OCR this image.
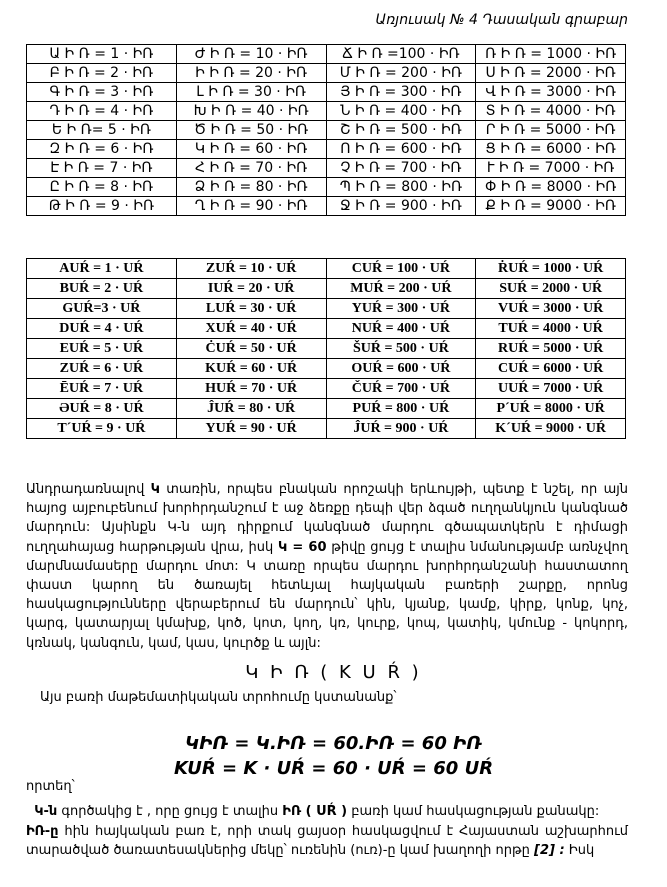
Առյուսակ № 4 Դասական գրաբար
Ա Ի Ռ = 1 · ԻՌ	Ժ Ի Ռ = 10 · ԻՌ	Ճ Ի Ռ =100 · ԻՌ	Ռ Ի Ռ = 1000 · ԻՌ
Բ Ի Ռ = 2 · ԻՌ	Ի Ի Ռ = 20 · ԻՌ	Մ Ի Ռ = 200 · ԻՌ	Ս Ի Ռ = 2000 · ԻՌ
Գ Ի Ռ = 3 · ԻՌ	Լ Ի Ռ = 30 · ԻՌ	Յ Ի Ռ = 300 · ԻՌ	Վ Ի Ռ = 3000 · ԻՌ
Դ Ի Ռ = 4 · ԻՌ	Խ Ի Ռ = 40 · ԻՌ	Ն Ի Ռ = 400 · ԻՌ	Տ Ի Ռ = 4000 · ԻՌ
Ե Ի Ռ= 5 · ԻՌ	Ծ Ի Ռ = 50 · ԻՌ	Շ Ի Ռ = 500 · ԻՌ	Ր Ի Ռ = 5000 · ԻՌ
Զ Ի Ռ = 6 · ԻՌ	Կ Ի Ռ = 60 · ԻՌ	Ո Ի Ռ = 600 · ԻՌ	Ց Ի Ռ = 6000 · ԻՌ
Է Ի Ռ = 7 · ԻՌ	Հ Ի Ռ = 70 · ԻՌ	Չ Ի Ռ = 700 · ԻՌ	Ւ Ի Ռ = 7000 · ԻՌ
Ը Ի Ռ = 8 · ԻՌ	Ձ Ի Ռ = 80 · ԻՌ	Պ Ի Ռ = 800 · ԻՌ	Փ Ի Ռ = 8000 · ԻՌ
Թ Ի Ռ = 9 · ԻՌ	Ղ Ի Ռ = 90 · ԻՌ	Ջ Ի Ռ = 900 · ԻՌ	Ք Ի Ռ = 9000 · ԻՌ
AUŔ = 1 · UŔ	ZUŔ = 10 · UŔ	CUŔ = 100 · UŔ	ṘUŔ = 1000 · UŔ
BUŔ = 2 · UŔ	IUŔ = 20 · UŔ	MUŔ = 200 · UŔ	SUŔ = 2000 · UŔ
GUŔ=3 · UŔ	LUŔ = 30 · UŔ	YUŔ = 300 · UŔ	VUŔ = 3000 · UŔ
DUŔ = 4 · UŔ	XUŔ = 40 · UŔ	NUŔ = 400 · UŔ	TUŔ = 4000 · UŔ
EUŔ = 5 · UŔ	ĊUŔ = 50 · UŔ	ŠUŔ = 500 · UŔ	RUŔ = 5000 · UŔ
ZUŔ = 6 · UŔ	KUŔ = 60 · UŔ	OUŔ = 600 · UŔ	CUŔ = 6000 · UŔ
ĒUŔ = 7 · UŔ	HUŔ = 70 · UŔ	ČUŔ = 700 · UŔ	UUŔ = 7000 · UŔ
ƏUŔ = 8 · UŔ	ĴUŔ = 80 · UŔ	PUŔ = 800 · UŔ	P´UŔ = 8000 · UŔ
T´UŔ = 9 · UŔ	YUŔ = 90 · UŔ	ĴUŔ = 900 · UŔ	K´UŔ = 9000 · UŔ
Անդրադառնալով Կ տառին, որպես բնական որոշակի երևույթի, պետք է նշել, որ այն հայոց այբուբենում խորհրդանշում է աջ ձեռքը դեպի վեր ձգած ուղղանկյուն կանգնած մարդուն: Այսինքն Կ-ն այդ դիրքում կանգնած մարդու գծապատկերն է դիմացի ուղղահայաց հարթության վրա, իսկ Կ = 60 թիվը ցույց է տալիս նմանությամբ առնչվող մարմնամասերը մարդու մոտ: Կ տառը որպես մարդու խորհրդանշանի հաստատող փաստ կարող են ծառայել հետևյալ հայկական բառերի շարքը, որոնց հասկացությունները վերաբերում են մարդուն՝ կին, կյանք, կամք, կիրք, կոնք, կոչ, կարգ, կատարյալ կմախք, կոծ, կոտ, կող, կռ, կուրք, կոպ, կատիկ, կմունք - կոկորդ, կռնակ, կանգուն, կամ, կաս, կուրծք և այլն:
Կ Ի Ռ ( K U Ŕ )
Այս բառի մաթեմատիկական տրոհումը կստանանք՝
ԿԻՌ = Կ.ԻՌ = 60.ԻՌ = 60 ԻՌ
KUŔ = K · UŔ = 60 · UŔ = 60 UŔ
որտեղ՝
Կ-ն գործակից է , որը ցույց է տալիս ԻՌ ( UŔ ) բառի կամ հասկացության քանակը:
ԻՌ-ը հին հայկական բառ է, որի տակ ցայսօր հասկացվում է Հայաստան աշխարհում տարածված ծառատեսակներից մեկը՝ ուռենին (ուռ)-ը կամ խաղողի որթը [2] : Իսկ
